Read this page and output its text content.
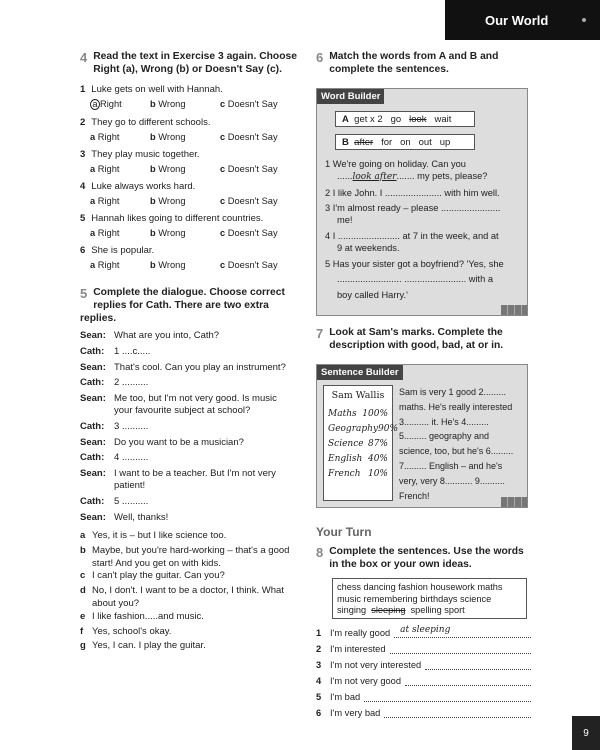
Our World
4 Read the text in Exercise 3 again. Choose Right (a), Wrong (b) or Doesn't Say (c).
1 Luke gets on well with Hannah.
a Right	b Wrong	c Doesn't Say
2 They go to different schools.
a Right	b Wrong	c Doesn't Say
3 They play music together.
a Right	b Wrong	c Doesn't Say
4 Luke always works hard.
a Right	b Wrong	c Doesn't Say
5 Hannah likes going to different countries.
a Right	b Wrong	c Doesn't Say
6 She is popular.
a Right	b Wrong	c Doesn't Say
5 Complete the dialogue. Choose correct replies for Cath. There are two extra replies.
Sean: What are you into, Cath?
Cath:	1 ....c.....
Sean: That's cool. Can you play an instrument?
Cath:	2 ..........
Sean: Me too, but I'm not very good. Is music
your favourite subject at school?
Cath:	3 ..........
Sean: Do you want to be a musician?
Cath:	4 ..........
Sean: I want to be a teacher. But I'm not very
patient!
Cath:	5 ..........
Sean: Well, thanks!
a Yes, it is – but I like science too.
b Maybe, but you're hard-working – that's a good
start! And you get on with kids.
c I can't play the guitar. Can you?
d No, I don't. I want to be a doctor, I think. What
about you?
e I like fashion.....and music.
f Yes, school's okay.
g Yes, I can. I play the guitar.
6 Match the words from A and B and complete the sentences.
Word Builder
A get x 2 go look wait
B after for on out up
1 We're going on holiday. Can you
......look after....... my pets, please?
2 I like John. I ...................... with him well.
3 I'm almost ready – please .......................
me!
4 I ........................ at 7 in the week, and at
9 at weekends.
5 Has your sister got a boyfriend? 'Yes, she
......................... ........................ with a
boy called Harry.'
7 Look at Sam's marks. Complete the description with good, bad, at or in.
Sentence Builder
Sam Wallis
Maths 100%
Geography 90%
Science 87%
English 40%
French 10%
Sam is very 1 good 2.........
maths. He's really interested
3.......... it. He's 4.........
5......... geography and
science, too, but he's 6.........
7......... English – and he's
very, very 8........... 9..........
French!
Your Turn
8 Complete the sentences. Use the words in the box or your own ideas.
chess dancing fashion housework maths
music remembering birthdays science
singing sleeping spelling sport
1 I'm really good at sleeping
2 I'm interested
3 I'm not very interested
4 I'm not very good
5 I'm bad
6 I'm very bad
9
